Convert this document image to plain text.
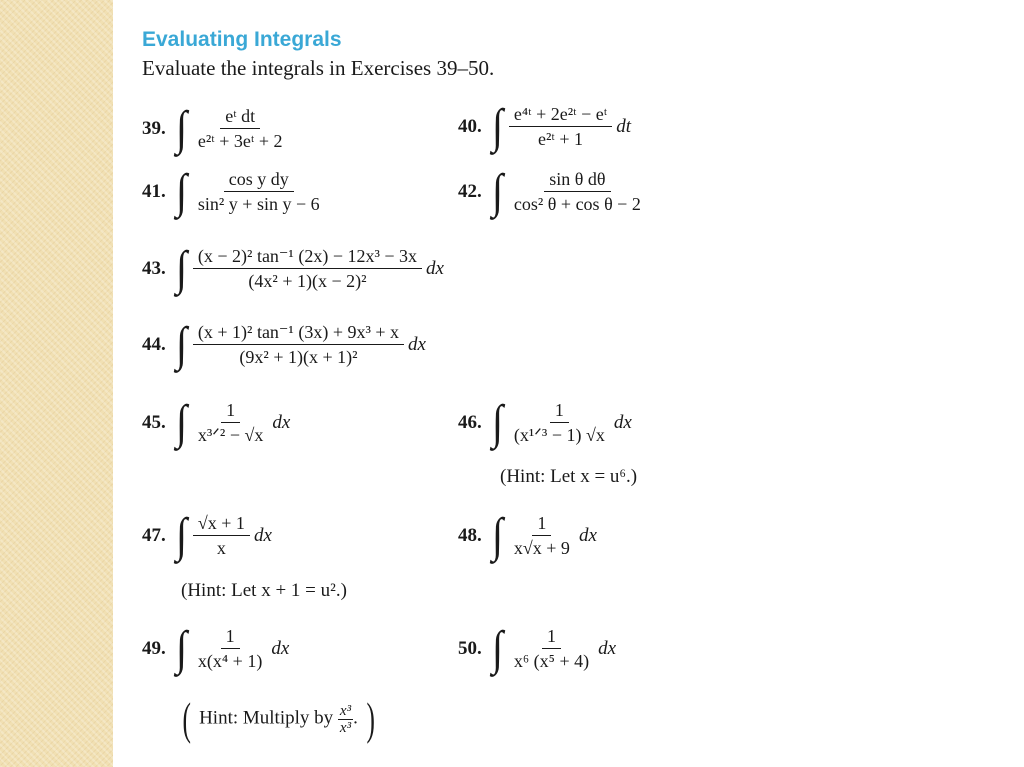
Evaluating Integrals
Evaluate the integrals in Exercises 39–50.
39. ∫ $\frac{\text{eᵗ dt}}{\text{e²ᵗ + 3eᵗ + 2}}$	40. ∫ $\frac{\text{e⁴ᵗ + 2e²ᵗ − eᵗ}}{\text{e²ᵗ + 1}}$ dt
41. ∫ $\frac{\text{cos y dy}}{\text{sin² y + sin y − 6}}$	42. ∫ $\frac{\text{sin θ dθ}}{\text{cos² θ + cos θ − 2}}$
43. ∫ $\frac{\text{(x − 2)² tan⁻¹ (2x) − 12x³ − 3x}}{\text{(4x² + 1)(x − 2)²}}$ dx
44. ∫ $\frac{\text{(x + 1)² tan⁻¹ (3x) + 9x³ + x}}{\text{(9x² + 1)(x + 1)²}}$ dx
45. ∫ $\frac{1}{\text{x³ᐟ² − √x}}$ dx	46. ∫ $\frac{1}{\text{(x¹ᐟ³ − 1) √x}}$ dx
(Hint: Let x = u⁶.)
47. ∫ $\frac{√x + 1}{x}$ dx
(Hint: Let x + 1 = u².)
48. ∫ $\frac{1}{x√x + 9}$ dx
49. ∫ $\frac{1}{\text{x(x⁴ + 1)}}$ dx
( Hint: Multiply by $\frac{\text{x³}}{\text{x³}}$ . )
50. ∫ $\frac{1}{\text{x⁶ (x⁵ + 4)}}$ dx
